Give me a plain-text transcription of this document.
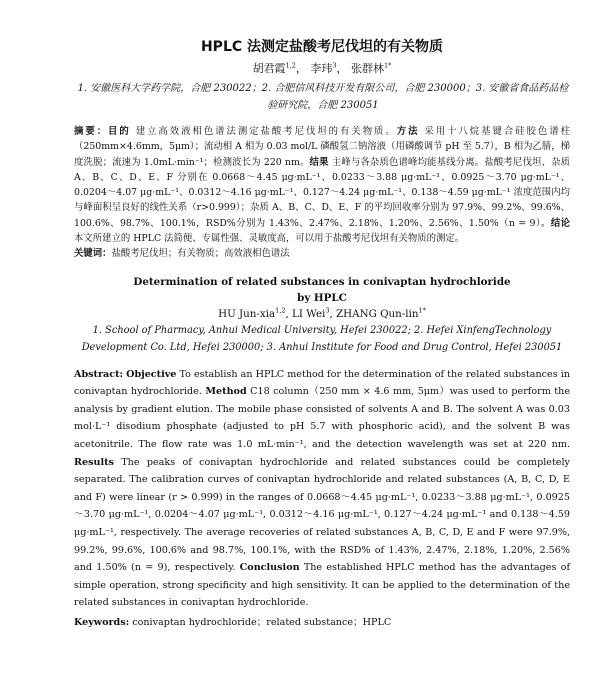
HPLC 法测定盐酸考尼伐坦的有关物质
胡君霞$^{1,2}$， 李玮$^3$， 张群林$^{1*}$
1. 安徽医科大学药学院，合肥 230022；2. 合肥信风科技开发有限公司，合肥 230000；3. 安徽省食品药品检验研究院，合肥 230051
摘要：目的 建立高效液相色谱法测定盐酸考尼伐坦的有关物质。方法 采用十八烷基键合硅胶色谱柱（250mm×4.6mm，5μm）；流动相 A 相为 0.03 mol/L 磷酸氢二钠溶液（用磷酸调节 pH 至 5.7），B 相为乙腈，梯度洗脱；流速为 1.0mL·min⁻¹；检测波长为 220 nm。结果 主峰与各杂质色谱峰均能基线分离。盐酸考尼伐坦、杂质 A、B、C、D、E、F 分别在 0.0668～4.45 μg·mL⁻¹、0.0233～3.88 μg·mL⁻¹、0.0925～3.70 μg·mL⁻¹、0.0204～4.07 μg·mL⁻¹、0.0312～4.16 μg·mL⁻¹、0.127～4.24 μg·mL⁻¹、0.138～4.59 μg·mL⁻¹ 浓度范围内均与峰面积呈良好的线性关系（r>0.999）；杂质 A、B、C、D、E、F 的平均回收率分别为 97.9%、99.2%、99.6%、100.6%、98.7%、100.1%，RSD%分别为 1.43%、2.47%、2.18%、1.20%、2.56%、1.50%（n = 9）。结论 本文所建立的 HPLC 法简便、专属性强、灵敏度高，可以用于盐酸考尼伐坦有关物质的测定。
关键词：盐酸考尼伐坦；有关物质；高效液相色谱法
Determination of related substances in conivaptan hydrochloride
by HPLC
HU Jun-xia$^{1,2}$, LI Wei$^3$, ZHANG Qun-lin$^{1*}$
1. School of Pharmacy, Anhui Medical University, Hefei 230022; 2. Hefei XinfengTechnology Development Co. Ltd, Hefei 230000; 3. Anhui Institute for Food and Drug Control, Hefei 230051
Abstract: Objective To establish an HPLC method for the determination of the related substances in conivaptan hydrochloride. Method C18 column（250 mm × 4.6 mm, 5μm）was used to perform the analysis by gradient elution. The mobile phase consisted of solvents A and B. The solvent A was 0.03 mol·L⁻¹ disodium phosphate (adjusted to pH 5.7 with phosphoric acid), and the solvent B was acetonitrile. The flow rate was 1.0 mL·min⁻¹, and the detection wavelength was set at 220 nm. Results The peaks of conivaptan hydrochloride and related substances could be completely separated. The calibration curves of conivaptan hydrochloride and related substances (A, B, C, D, E and F) were linear (r > 0.999) in the ranges of 0.0668～4.45 μg·mL⁻¹, 0.0233～3.88 μg·mL⁻¹, 0.0925～3.70 μg·mL⁻¹, 0.0204～4.07 μg·mL⁻¹, 0.0312～4.16 μg·mL⁻¹, 0.127～4.24 μg·mL⁻¹ and 0.138～4.59 μg·mL⁻¹, respectively. The average recoveries of related substances A, B, C, D, E and F were 97.9%, 99.2%, 99.6%, 100.6% and 98.7%, 100.1%, with the RSD% of 1.43%, 2.47%, 2.18%, 1.20%, 2.56% and 1.50% (n = 9), respectively. Conclusion The established HPLC method has the advantages of simple operation, strong specificity and high sensitivity. It can be applied to the determination of the related substances in conivaptan hydrochloride.
Keywords: conivaptan hydrochloride；related substance；HPLC
